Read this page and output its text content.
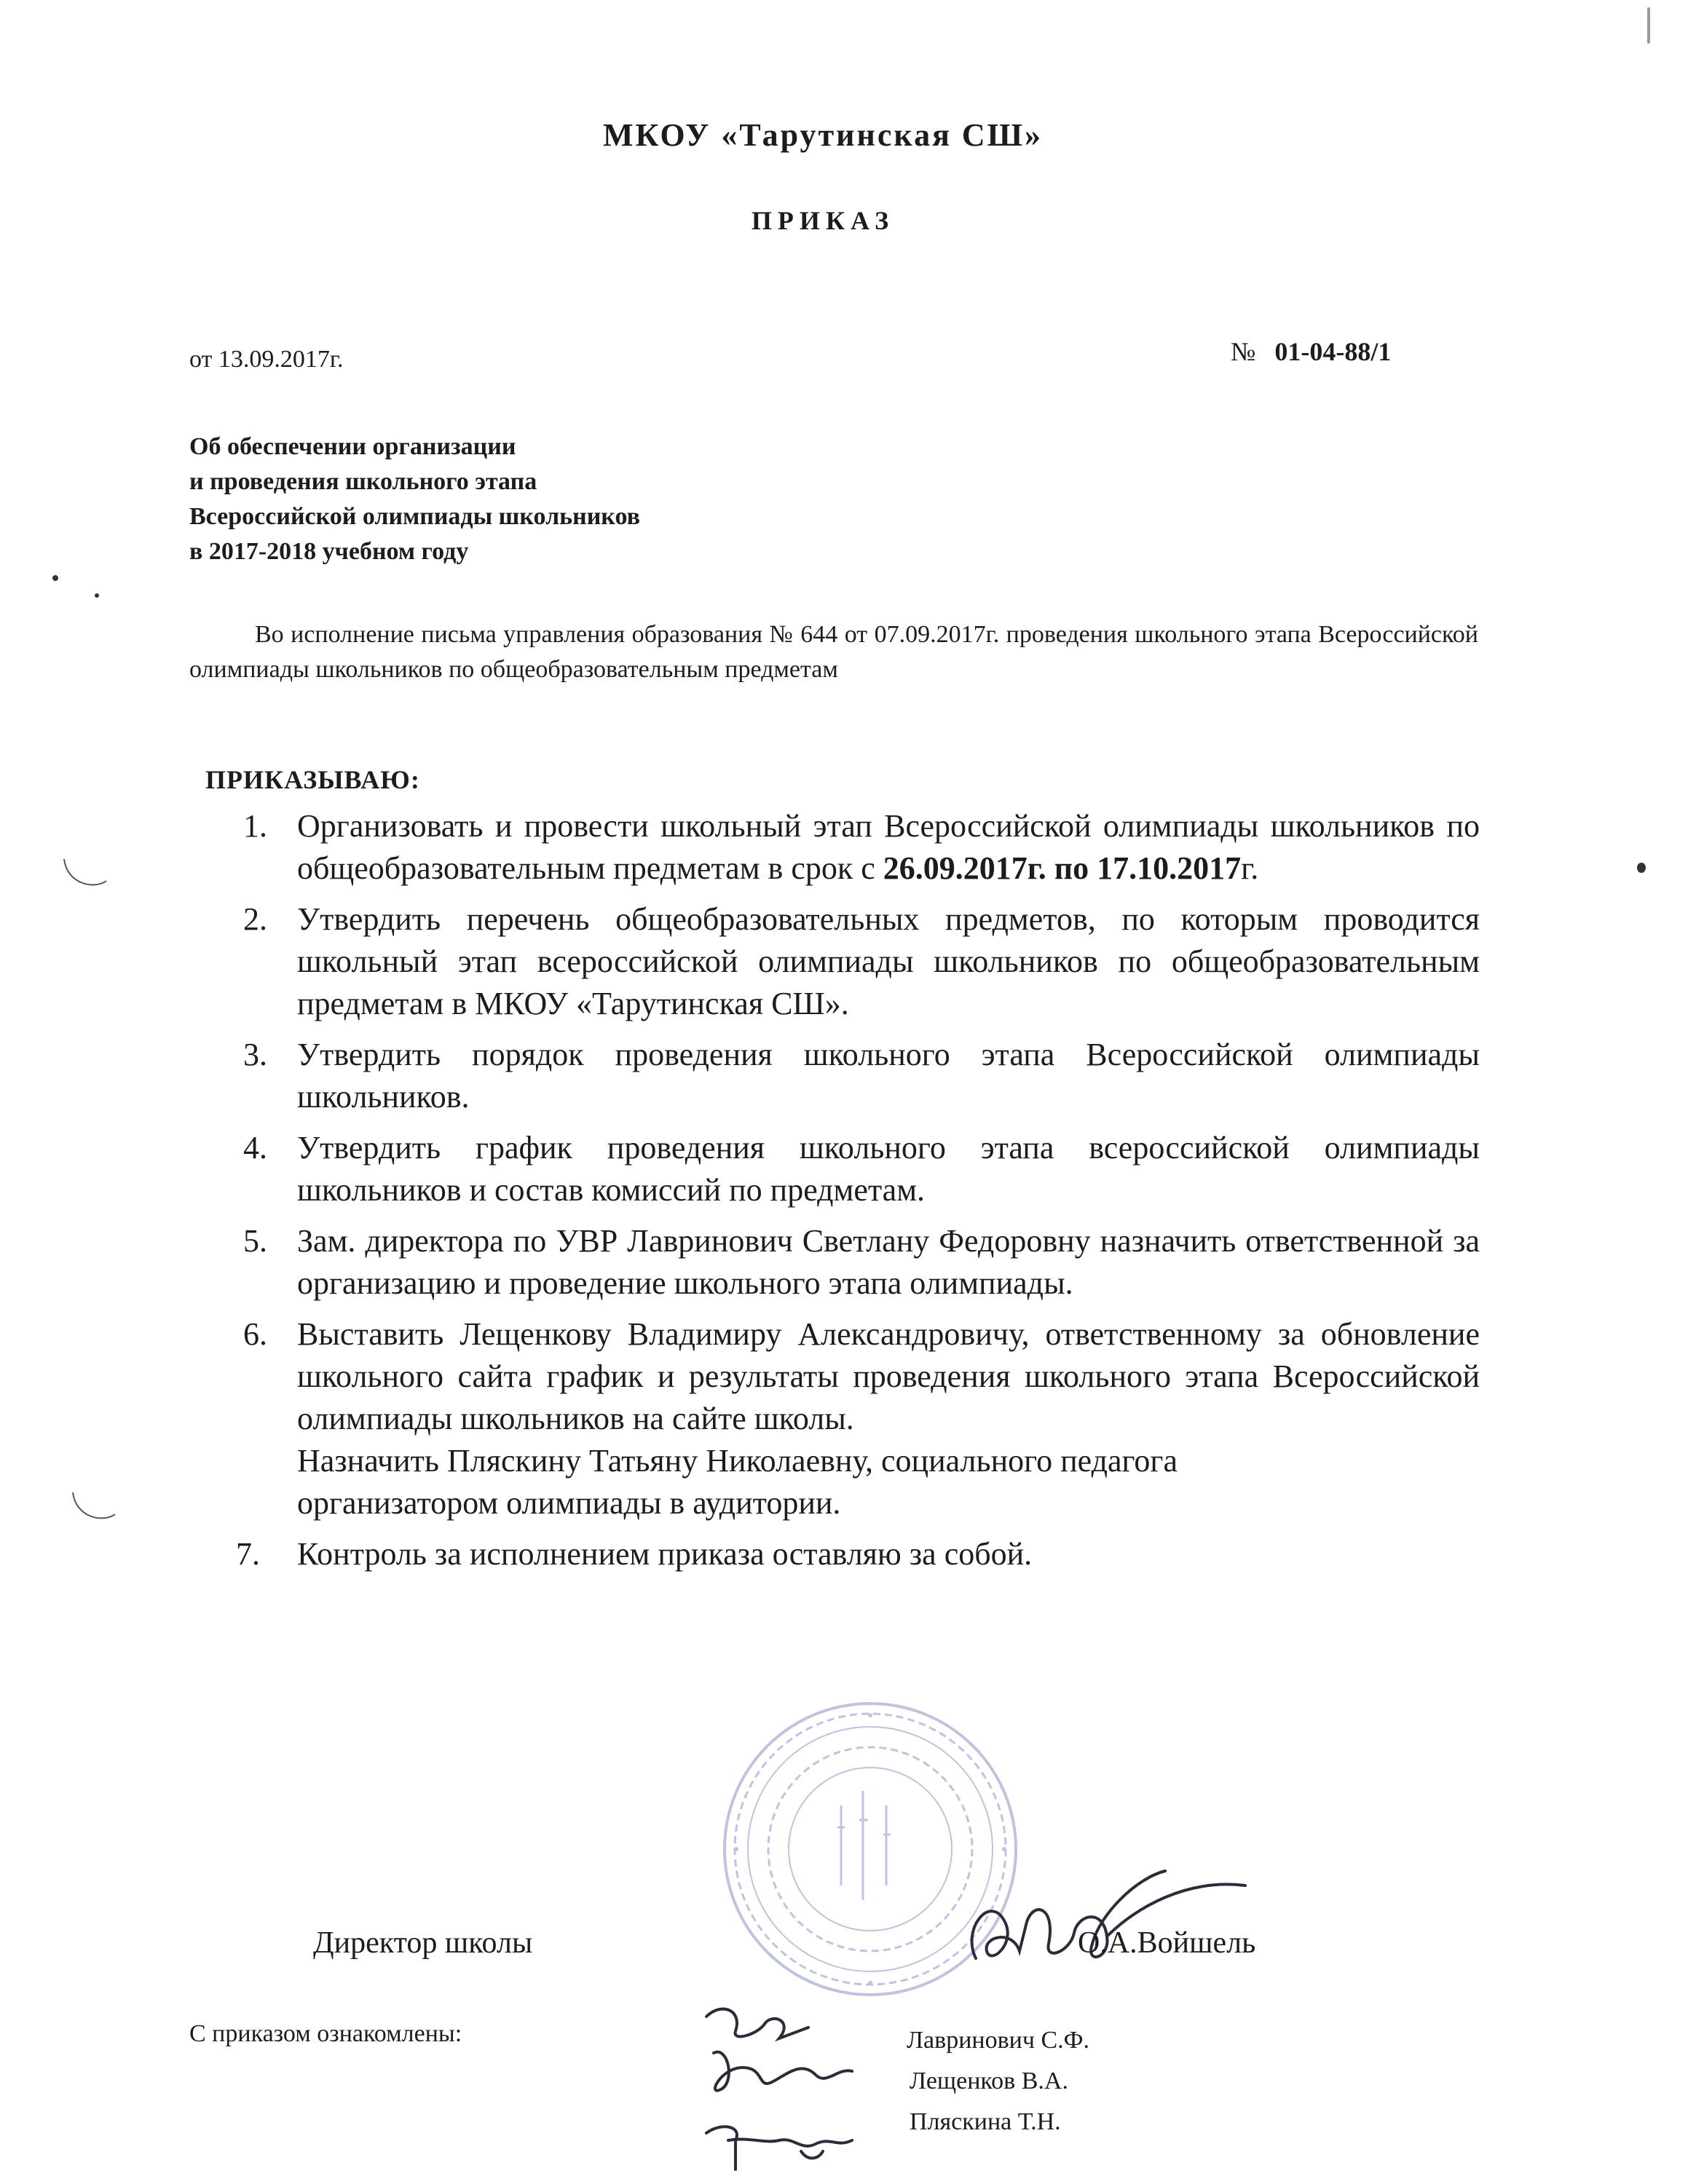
МКОУ «Тарутинская СШ»
ПРИКАЗ
от 13.09.2017г.	№ 01-04-88/1
Об обеспечении организации
и проведения школьного этапа
Всероссийской олимпиады школьников
в 2017-2018 учебном году
Во исполнение письма управления образования № 644 от 07.09.2017г. проведения школьного этапа Всероссийской олимпиады школьников по общеобразовательным предметам
ПРИКАЗЫВАЮ:
1. Организовать и провести школьный этап Всероссийской олимпиады школьников по общеобразовательным предметам в срок с 26.09.2017г. по 17.10.2017г.
2. Утвердить перечень общеобразовательных предметов, по которым проводится школьный этап всероссийской олимпиады школьников по общеобразовательным предметам в МКОУ «Тарутинская СШ».
3. Утвердить порядок проведения школьного этапа Всероссийской олимпиады школьников.
4. Утвердить график проведения школьного этапа всероссийской олимпиады школьников и состав комиссий по предметам.
5. Зам. директора по УВР Лавринович Светлану Федоровну назначить ответственной за организацию и проведение школьного этапа олимпиады.
6. Выставить Лещенкову Владимиру Александровичу, ответственному за обновление школьного сайта график и результаты проведения школьного этапа Всероссийской олимпиады школьников на сайте школы.
Назначить Пляскину Татьяну Николаевну, социального педагога
организатором олимпиады в аудитории.
7. Контроль за исполнением приказа оставляю за собой.
Директор школы	О.А.Войшель
С приказом ознакомлены:	Лавринович С.Ф.
Лещенков В.А.
Пляскина Т.Н.
